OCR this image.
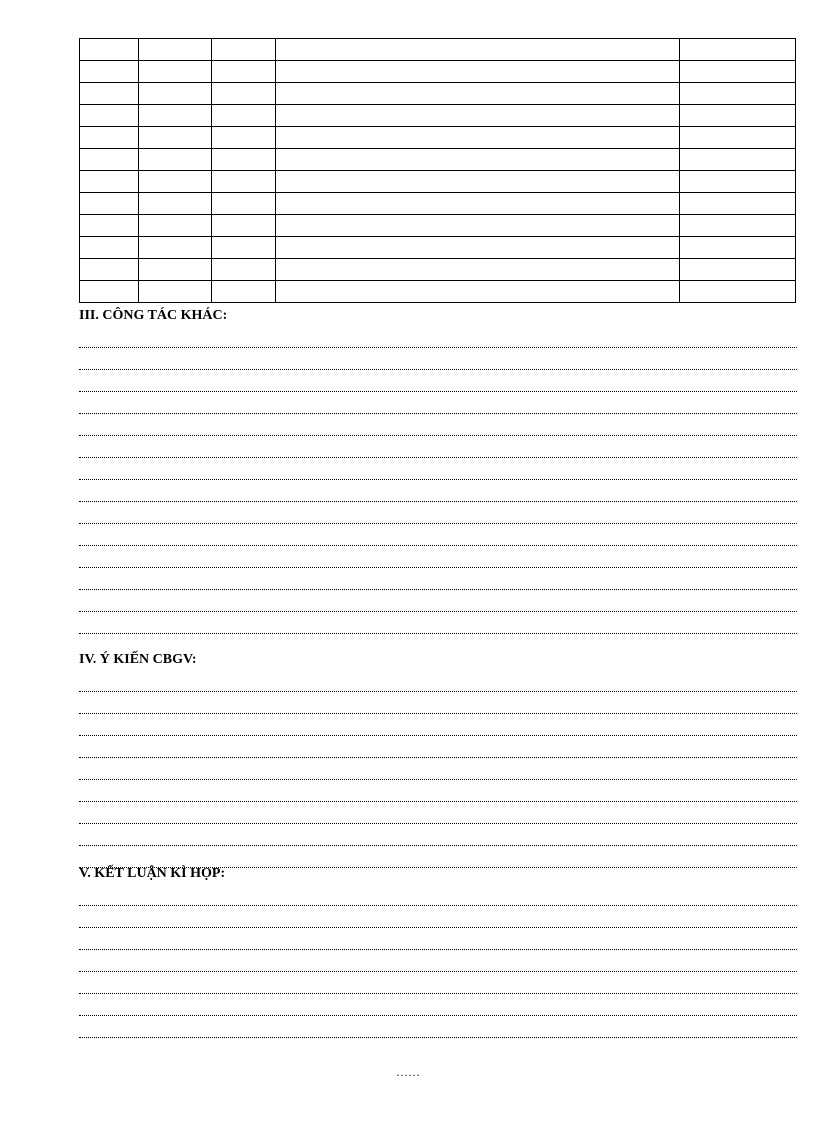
III. CÔNG TÁC KHÁC:
IV. Ý KIẾN CBGV:
V. KẾT LUẬN KÌ HỌP:
……
